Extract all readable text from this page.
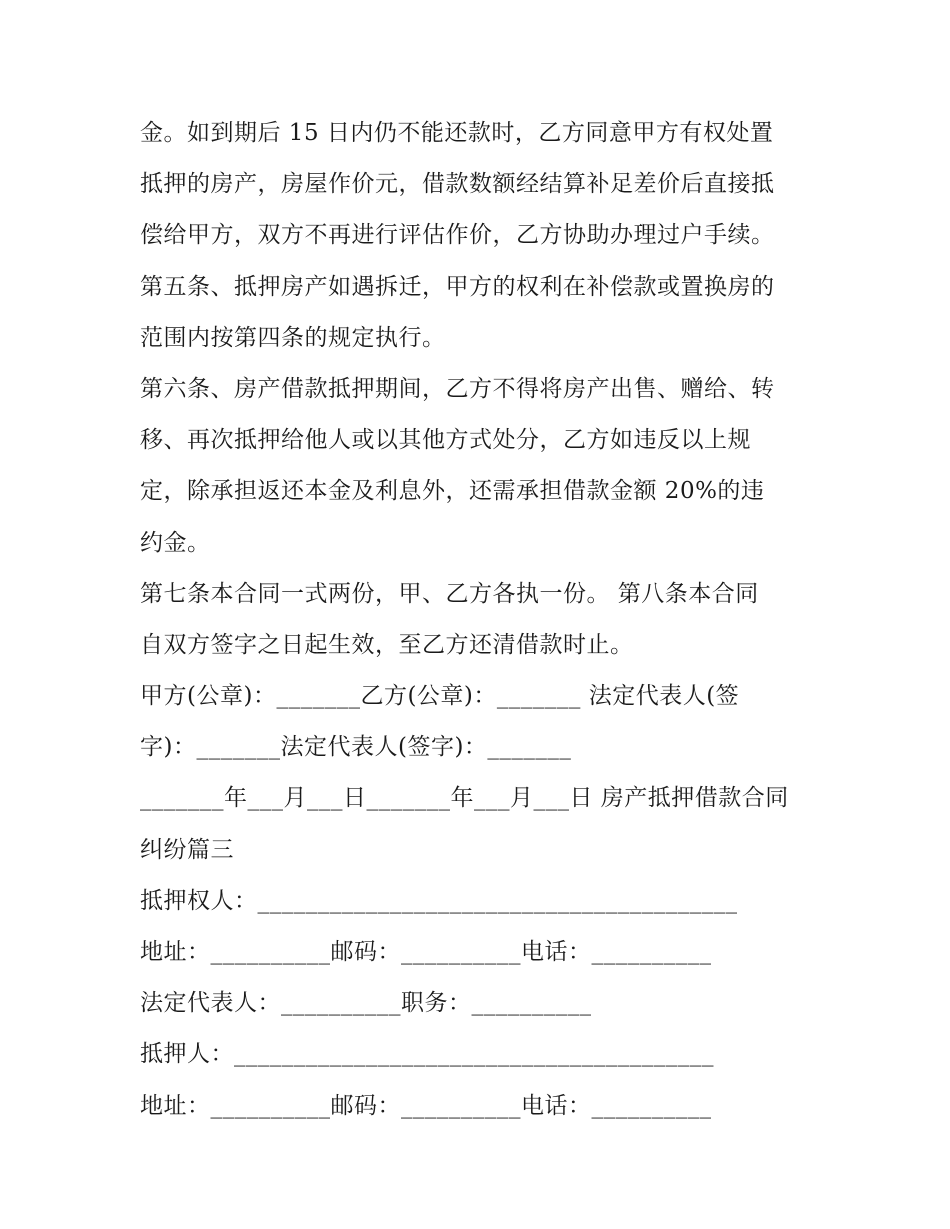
金。如到期后 15 日内仍不能还款时，乙方同意甲方有权处置
抵押的房产，房屋作价元，借款数额经结算补足差价后直接抵
偿给甲方，双方不再进行评估作价，乙方协助办理过户手续。
第五条、抵押房产如遇拆迁，甲方的权利在补偿款或置换房的
范围内按第四条的规定执行。
第六条、房产借款抵押期间，乙方不得将房产出售、赠给、转
移、再次抵押给他人或以其他方式处分，乙方如违反以上规
定，除承担返还本金及利息外，还需承担借款金额 20%的违
约金。
第七条本合同一式两份，甲、乙方各执一份。 第八条本合同
自双方签字之日起生效，至乙方还清借款时止。
甲方(公章)：_______乙方(公章)：_______ 法定代表人(签
字)：_______法定代表人(签字)：_______
_______年___月___日_______年___月___日 房产抵押借款合同
纠纷篇三
抵押权人：________________________________________
地址：__________邮码：__________电话：__________
法定代表人：__________职务：__________
抵押人：________________________________________
地址：__________邮码：__________电话：__________
